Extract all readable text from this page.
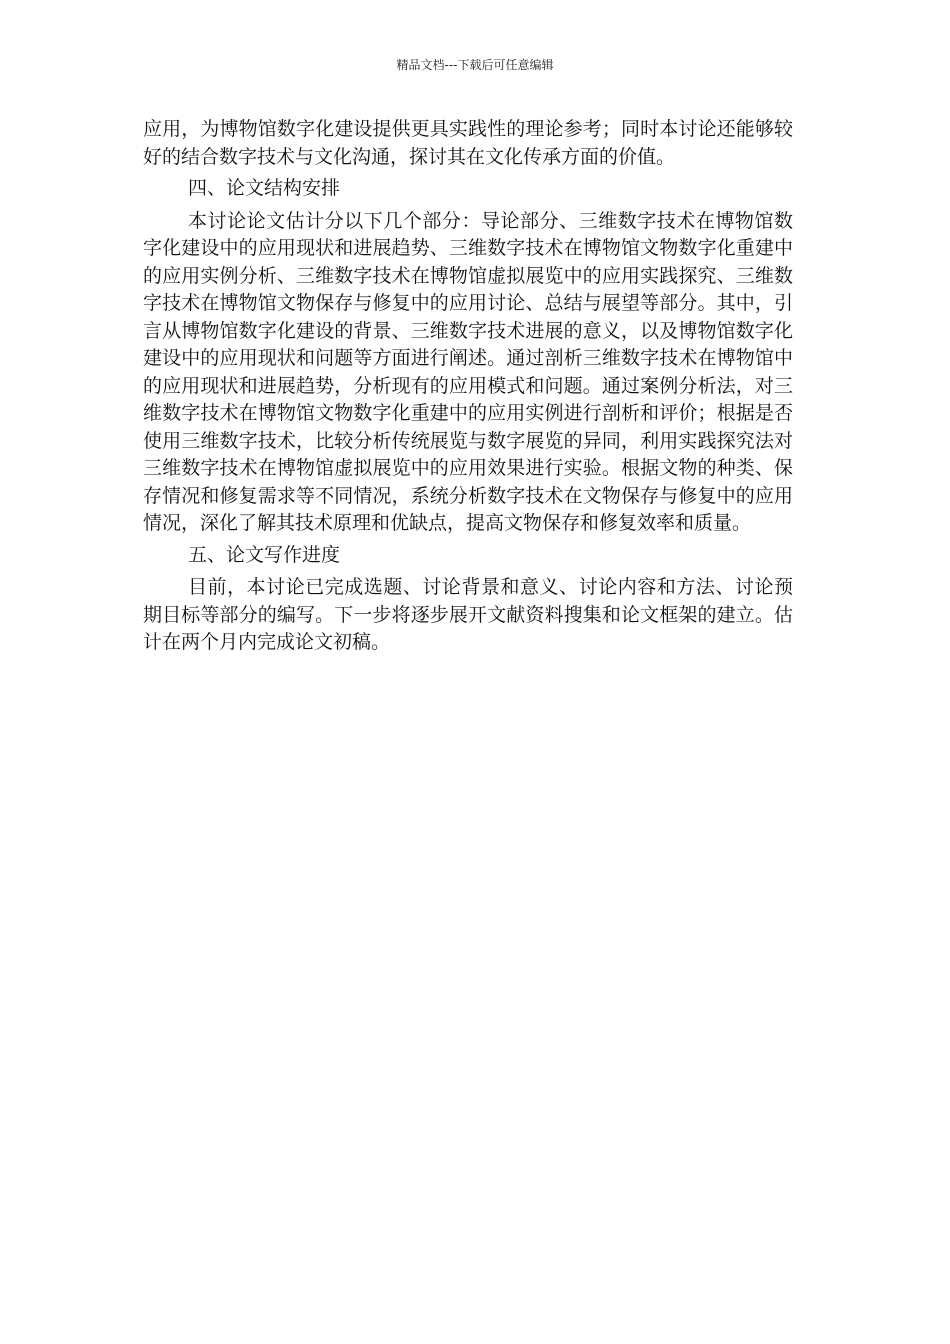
精品文档---下载后可任意编辑

应用，为博物馆数字化建设提供更具实践性的理论参考；同时本讨论还能够较好的结合数字技术与文化沟通，探讨其在文化传承方面的价值。

四、论文结构安排

本讨论论文估计分以下几个部分：导论部分、三维数字技术在博物馆数字化建设中的应用现状和进展趋势、三维数字技术在博物馆文物数字化重建中的应用实例分析、三维数字技术在博物馆虚拟展览中的应用实践探究、三维数字技术在博物馆文物保存与修复中的应用讨论、总结与展望等部分。其中，引言从博物馆数字化建设的背景、三维数字技术进展的意义，以及博物馆数字化建设中的应用现状和问题等方面进行阐述。通过剖析三维数字技术在博物馆中的应用现状和进展趋势，分析现有的应用模式和问题。通过案例分析法，对三维数字技术在博物馆文物数字化重建中的应用实例进行剖析和评价；根据是否使用三维数字技术，比较分析传统展览与数字展览的异同，利用实践探究法对三维数字技术在博物馆虚拟展览中的应用效果进行实验。根据文物的种类、保存情况和修复需求等不同情况，系统分析数字技术在文物保存与修复中的应用情况，深化了解其技术原理和优缺点，提高文物保存和修复效率和质量。

五、论文写作进度

目前，本讨论已完成选题、讨论背景和意义、讨论内容和方法、讨论预期目标等部分的编写。下一步将逐步展开文献资料搜集和论文框架的建立。估计在两个月内完成论文初稿。
